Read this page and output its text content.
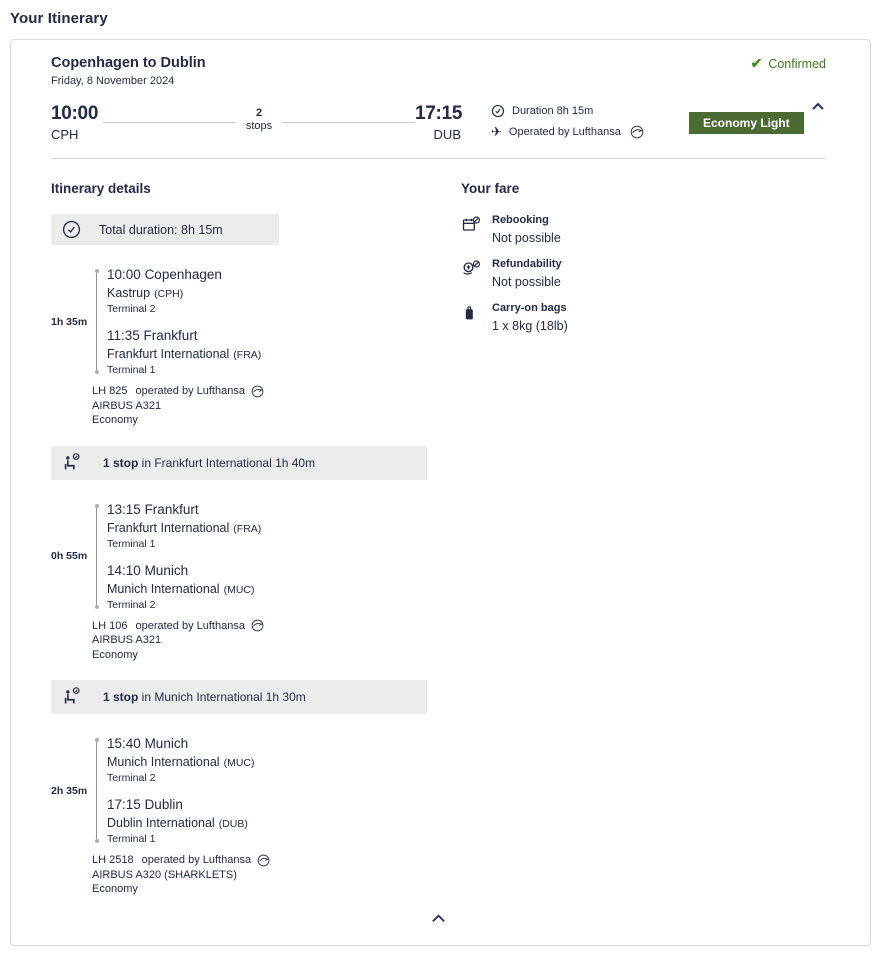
Your Itinerary
Copenhagen to Dublin
Friday, 8 November 2024
✔ Confirmed
10:00
CPH
2
stops
17:15
DUB
Duration 8h 15m
✈ Operated by Lufthansa
Economy Light
Itinerary details
Total duration: 8h 15m
1h 35m
10:00 Copenhagen
Kastrup (CPH)
Terminal 2
11:35 Frankfurt
Frankfurt International (FRA)
Terminal 1
LH 825 operated by Lufthansa
AIRBUS A321
Economy
1 stop in Frankfurt International 1h 40m
0h 55m
13:15 Frankfurt
Frankfurt International (FRA)
Terminal 1
14:10 Munich
Munich International (MUC)
Terminal 2
LH 106 operated by Lufthansa
AIRBUS A321
Economy
1 stop in Munich International 1h 30m
2h 35m
15:40 Munich
Munich International (MUC)
Terminal 2
17:15 Dublin
Dublin International (DUB)
Terminal 1
LH 2518 operated by Lufthansa
AIRBUS A320 (SHARKLETS)
Economy
Your fare
Rebooking
Not possible
Refundability
Not possible
Carry-on bags
1 x 8kg (18lb)
